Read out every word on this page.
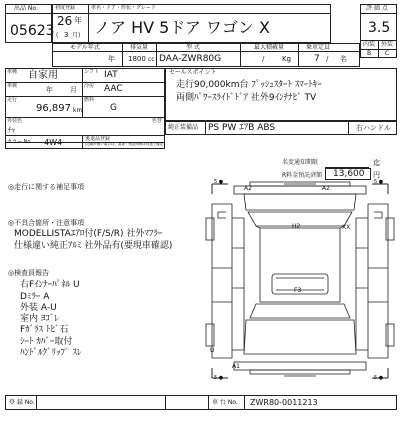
出品 No.
05623
初度登録	車名・ドア・形状・グレード
26 年
( 3 月) ノア HV 5ドア ワゴン X
評 価 点
3.5
内装 外装
B C
モデル年式	排気量	型 式	最大積載量	乗車定員
年 1800 cc DAA-ZWR80G	/	Kg	7 / 名
車種 自家用	シフト IAT
車検	年 月 冷房 AAC
走行
96,897 km
燃料
G
外装色
ﾁｬ
色替
カラー No. 4W4	後退品登録
(記載が無い場合は、書類・保証関係は別途で確認)
セールスポイント
走行90,000km台 ﾌﾟｯｼｭｽﾀｰﾄ ｽﾏｰﾄｷｰ
両側ﾊﾟﾜｰｽﾗｲﾄﾞﾄﾞｱ 社外9ｲﾝﾁﾅﾋﾞ TV
純正装備品 PS PW ｴｱB ABS	右ハンドル
名変通知期限	迄
R料金預託済額 13,600 円
◎走行に関する補足事項
◎不具合箇所・注意事項
MODELLISTAｴｱﾛ付(F/S/R) 社外ﾏﾌﾗｰ
仕様違い純正ｱﾙﾐ 社外品有(要現車確認)
◎検査員報告
右Fｲﾝﾅｰﾊﾟﾈﾙ U
Dﾐﾗｰ A
外装 A-U
室内 ﾖｺﾞﾚ
Fｶﾞﾗｽ ﾄﾋﾞ石
ｼｰﾄ ｶﾊﾞｰ取付
ﾊﾝﾄﾞﾙｸﾞﾘｯﾌﾟ ｽﾚ
5 ●	5 ●
5 ●	5 ●
A2	A2
H2	XX
F3
A1
U
登 録 No.	車 台 No. ZWR80-0011213
